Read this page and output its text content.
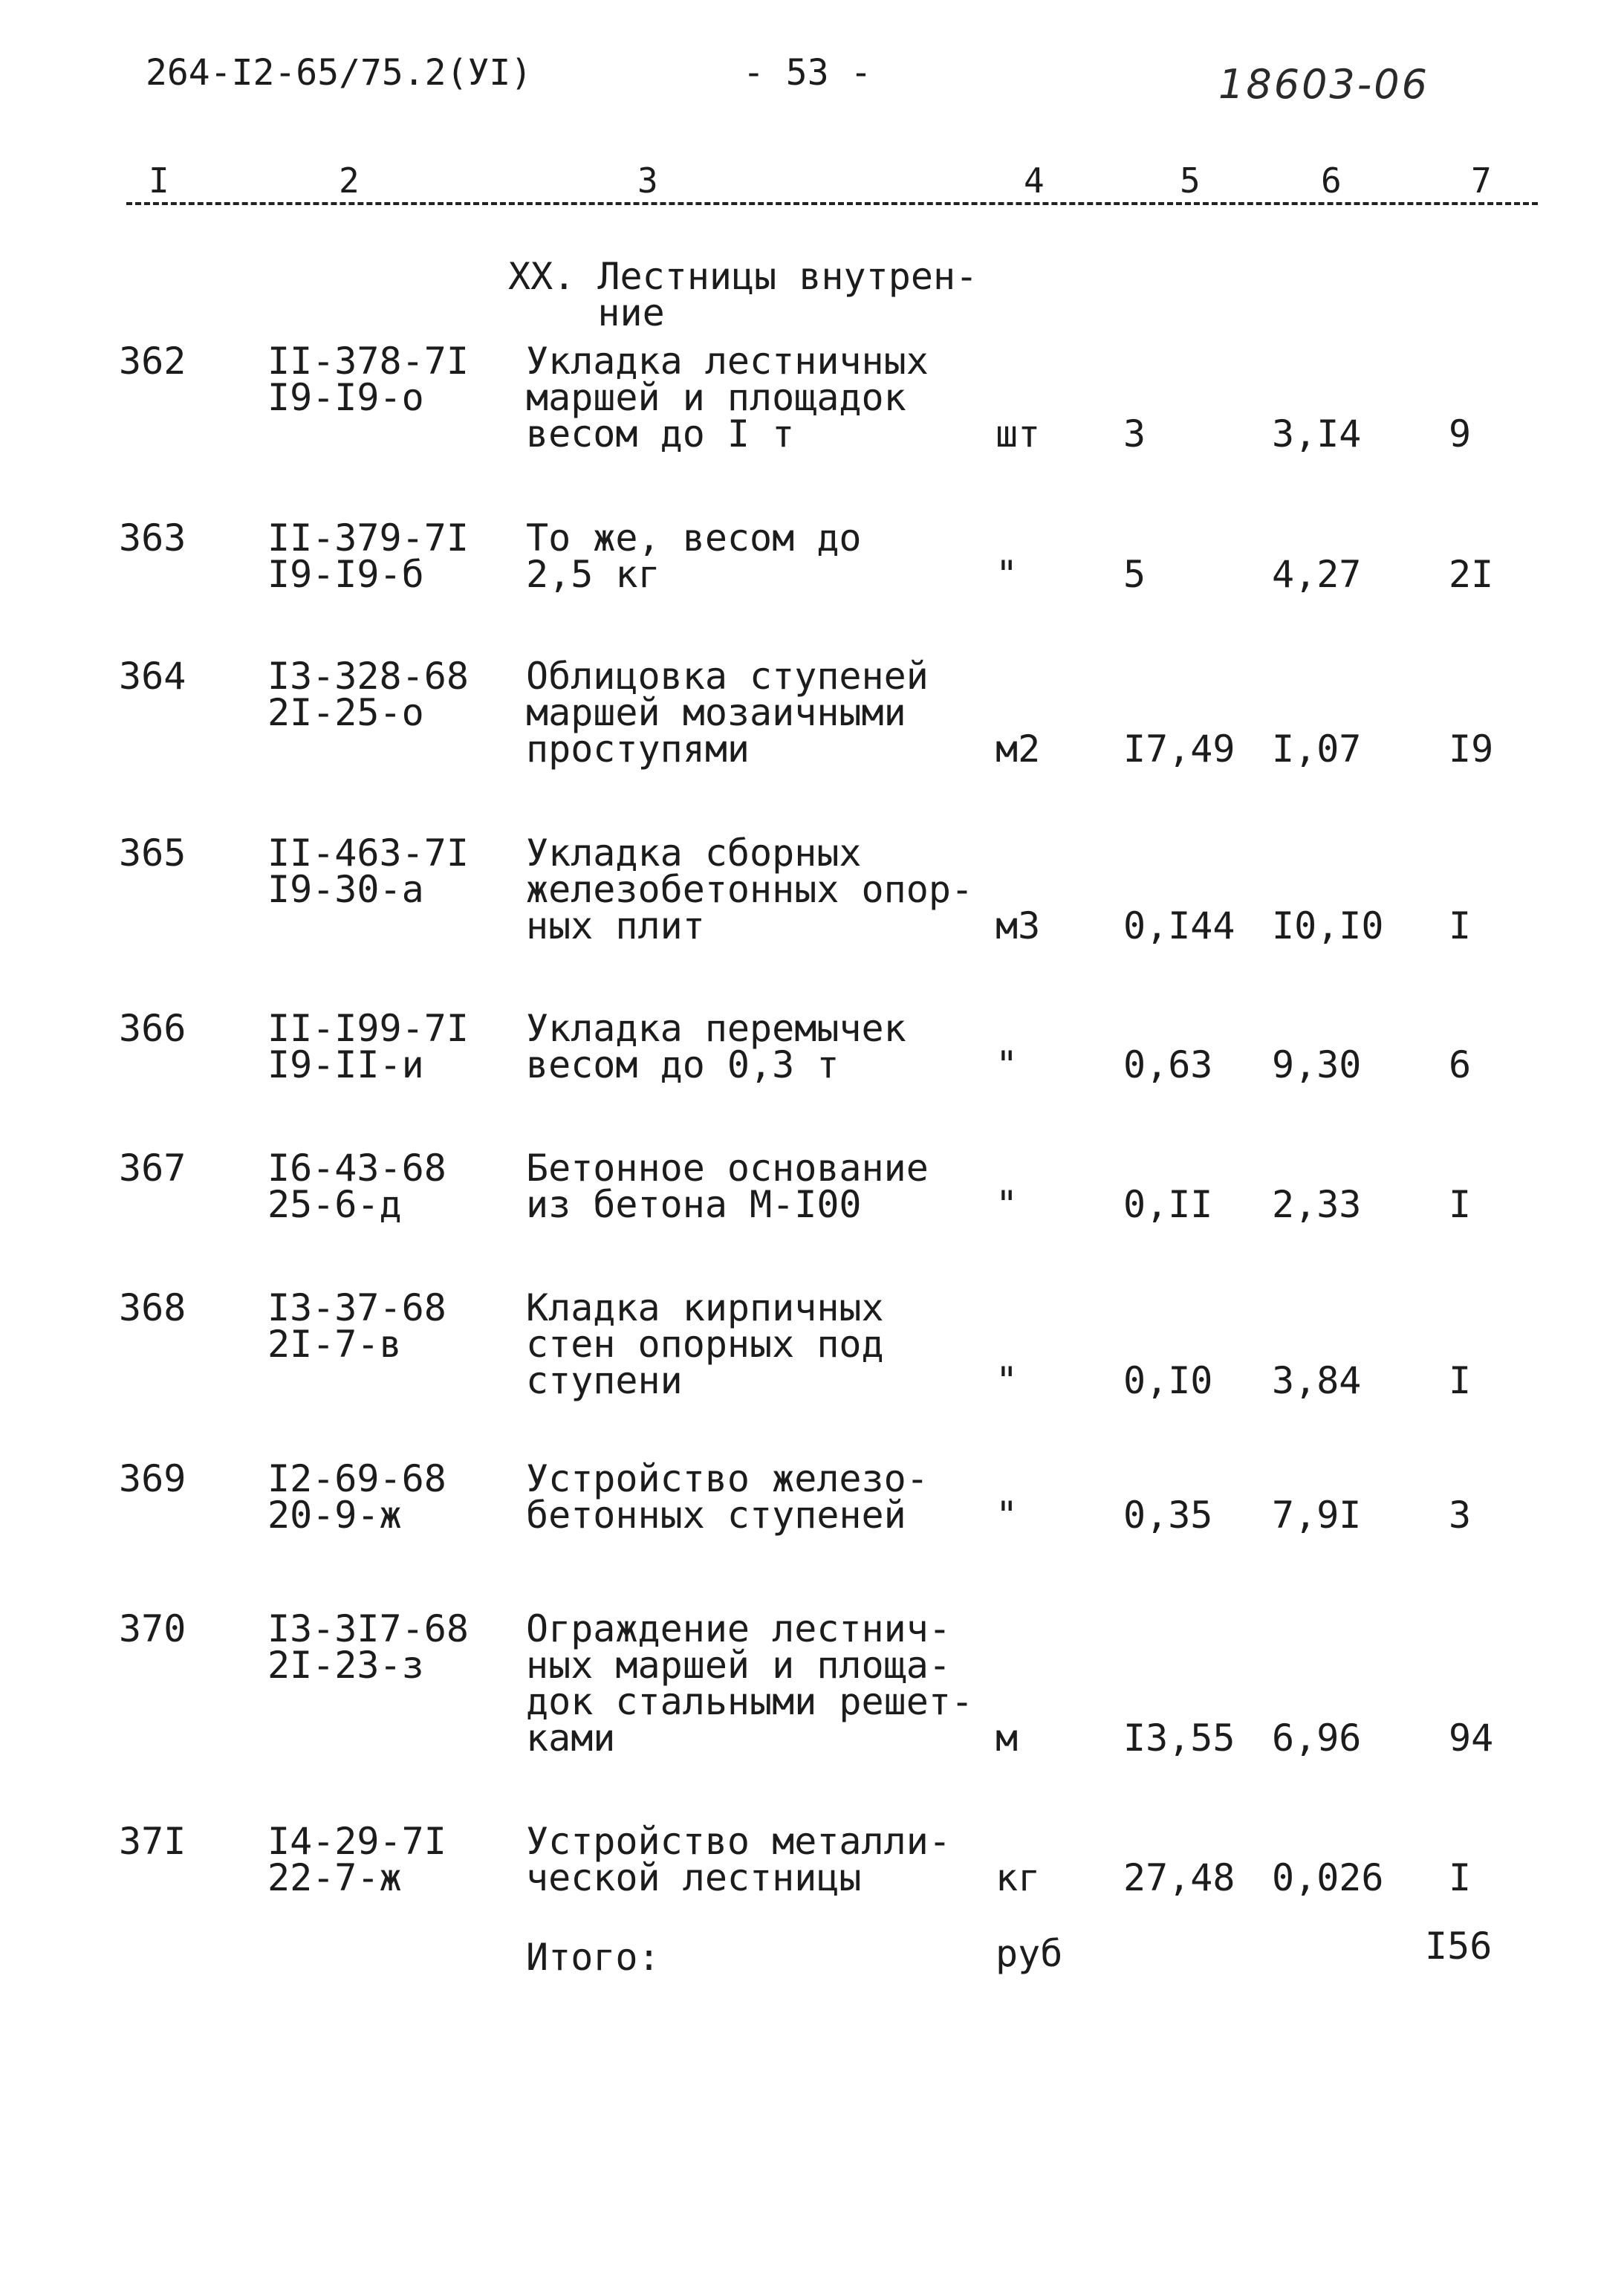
264-I2-65/75.2(УI)	- 53 -	18603-06
I	2	3	4	5	6	7
XX. Лестницы внутрен-
ние
362 II-378-7I
I9-I9-о
Укладка лестничных
маршей и площадок
весом до I т	шт 3	3,I4 9
363 II-379-7I
I9-I9-б
То же, весом до
2,5 кг	"	5	4,27 2I
364 I3-328-68
2I-25-о
Облицовка ступеней
маршей мозаичными
проступями	м2 I7,49 I,07 I9
365 II-463-7I
I9-30-а
Укладка сборных
железобетонных опор-
ных плит	м3 0,I44 I0,I0 I
366 II-I99-7I
I9-II-и
Укладка перемычек
весом до 0,3 т	"	0,63 9,30 6
367 I6-43-68
25-6-д
Бетонное основание
из бетона М-I00	"	0,II 2,33 I
368 I3-37-68
2I-7-в
Кладка кирпичных
стен опорных под
ступени	"	0,I0 3,84 I
369 I2-69-68
20-9-ж
Устройство железо-
бетонных ступеней	"	0,35 7,9I 3
370 I3-3I7-68
2I-23-з
Ограждение лестнич-
ных маршей и площа-
док стальными решет-
ками	м	I3,55 6,96 94
37I I4-29-7I
22-7-ж
Устройство металли-
ческой лестницы	кг 27,48 0,026 I
Итого:	руб	I56
